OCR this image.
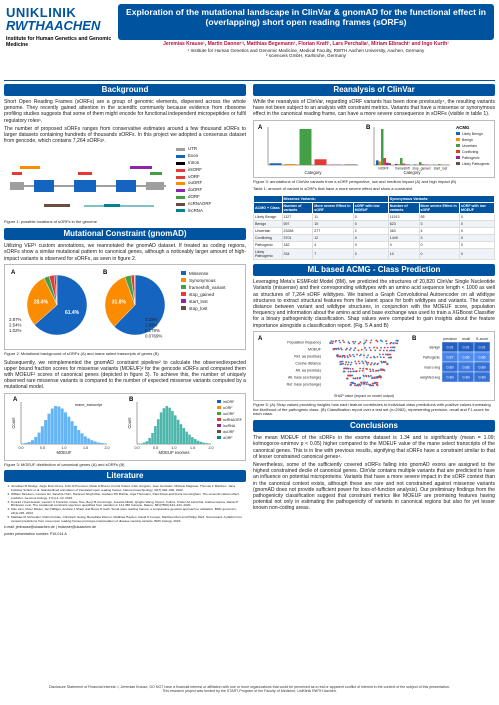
UNIKLINIK
RWTHAACHEN
Institute for Human Genetics and Genomic Medicine
Exploration of the mutational landscape in ClinVar & gnomAD for the functional effect in (overlapping) short open reading frames (sORFs)
Jeremias Krause¹, Martin Danner¹ʲ, Matthias Begemann¹, Florian Kraft¹, Lars Perchalla², Miriam Elbracht¹ and Ingo Kurth¹
¹ Institute for Human Genetics and Genomic Medicine, Medical Faculty, RWTH Aachen University, Aachen, Germany
² scienceis GmbH, Karlsruhe, Germany
Background
Short Open Reading Frames (sORFs) are a group of genomic elements, dispersed across the whole genome. They recently gained attention in the scientific community because evidence from ribosome profiling studies suggests that some of them might encode for functional independent micropeptides or fulfil regulatory roles¹.
The number of proposed sORFs ranges from conservative estimates around a few thousand sORFs to larger datasets containing hundreds of thousands sORFs. In this project we adopted a consensus dataset from gencode, which contains 7,264 sORFs¹.
UTR
Exon
Intron
intORF
uORF
ouORF
doORF
dORF
ncRNAORF
lncRNA
Figure 1: possible locations of sORFs in the genome
Mutational Constraint (gnomAD)
Utilizing VEP³ custom annotations, we reannotated the gnomAD dataset. If treated as coding regions, sORFs show a similar mutational pattern to canonical genes, although a noticeably larger amount of high-impact variants is observed for sORFs, as seen in figure 2.
A	B
61.4%
28.4%
2.87%
2.54%
1.02%
31.8%
3.32%
1.89%
0.179%
0.0769%
Missense
Synonymous
frameshift_variant
stop_gained
start_lost
stop_lost
Figure 2: Mutational background of sORFs (A) and mane select transcripts of genes (B)
Subsequently, we reimplemented the gnomAD constraint pipeline² to calculate the observed/expected upper bound fraction scores for missense variants (MOEUF)² for the gencode sORFs and compared them with MOEUF² scores of canonical genes (depicted in figure 3). To achieve this, the number of uniquely observed rare missense variants is compared to the number of expected missense variants computed by a mutational model.
0.0	0.5	1.0	1.5	2.0
MOEUF
Count
A
mane_transcript
0.0	0.5	1.0	1.5	2.0
MOEUF exomes
Count
B	intORF
uORF
ouORF
ncRNAORF
lncRNA
doORF
dORF
Figure 3: MOEUF distribution of canonical genes (A) and sORFs (B)
Literature
1. Jonathan M Mudge, Jorge Ruiz-Orera, John R Prensner, Marie A Brunet, Ferriol Calvet, Irwin Jungreis, Jose Gonzalez, Michele Magrane, Thomas F Martinez, Jana Felicitas Schulz et al. Standardized annotation of translated open reading frames. Nature biotechnology, 40(7):994–999, 2022.
2. William McLaren, Laurent Gil, Sarah E Hunt, Harpreet Singh Riat, Graham RS Ritchie, Anja Thormann, Paul Flicek and Fiona Cunningham. The ensembl variant effect predictor. Genome biology, 17(1):1–14, 2016.
3. Konrad J Karczewski, Laurent C Francioli, Grace Tiao, Beryl B Cummings, Jessica Alföldi, Qingbo Wang, Ryan L Collins, Kristen M Laricchia, Andrea Ganna, Daniel P Birnbaum et al. The mutational constraint spectrum quantified from variation in 141,456 humans. Nature, 581(7809):434–443, 2020.
4. Max Lam, Peter Rieder, Jan Häfliger, Andrew J Sharp and Bruce D Gelb. Small open reading frames: a comparative genetics approach to validation. BMC genomics, 24(1):226, 2023.
5. Matthias M Schneider, Robin Kohlas, Christoph Geisig, Benedikta Werner, Matthias Haydon, David N Cooper, Matthew Mort and Philipp Hartl. Scoreboard: A platform for curated predictions from novel open reading frames prototype-interpretation of disease causing variants. BMC biology, 2023.
e-mail: jerkrause@ukaachen.de | mdanner@ukaachen.de
poster presentation number: P16.014.A
Reanalysis of ClinVar
While the reanalysis of ClinVar, regarding sORF variants has been done previously⁴, the resulting variants have not been subject to an analysis with constraint metrics. Variants that have a missense or synonymous effect in the canonical reading frame, can have a more severe consequence in sORFs (visible in table 1).
A
Category
B
intORF frameshift stop_gained start_lost
Category
ACMG
Likely Benign
Benign
Uncertain
Conflicting
Pathogenic
Likely Pathogenic
Figure 3: annotations of ClinVar variants from a sORF perspective, low and medium impact (A) and high impact (B)
Table 1: amount of variant in sORFs that have a more severe effect and show a constraint
	Missense Variants:			Synonymous Variants:		
ACMG + Class	Number of variants	More severe Effect in sORF	sORF with low MOEUF	Number of variants	More severe Effect in sORF	sORF with low MOEUF
Likely Benign	1127	11	0	11913	55	0
Benign	597	10	0	623	3	0
Uncertain	23284	277	2	363	4	0
Conflicting	3701	12	0	1449	3	0
Pathogenic	182	4	0	0	0	0
Likely Pathogenic	334	7	0	10	0	0
ML based ACMG - Class Prediction
Leveraging Meta's ESMFold Model (8M), we predicted the structures of 20,820 ClinVar Single Nucleotide Variants (missense) and their corresponding wildtypes with an amino acid sequence length < 1000 as well as structures of 7,264 sORF wildtypes. We trained a Graph Convolutional Autoencoder on all wildtype structures to extract structural features from the latent space for both wildtypes and variants. The cosine distance between variant and wildtype structures, in conjunction with the MOEUF score, population frequency and information about the amino acid and base exchange was used to train a XGBoost Classifier for a binary pathogenicity classification. Shap values were computed to gain insights about the feature importance alongside a classification report. (Fig. 5 A and B)
A
Population frequency
MOEUF
Ref. aa (residue)
Cosine distance
Alt. aa (residue)
Alt. base (exchange)
Ref. base (exchange)
SHAP value (impact on model output)
B	precision recall f1-score
Benign 0.91	0.91	0.91
Pathogenic 0.87	0.86	0.86
macro avg 0.89	0.88	0.89
weighted avg 0.89	0.89	0.89
Figure 5: (A) Shap values providing insights how each feature contributes to individual class predictions with positive values increasing the likelihood of the pathogenic class. (B) Classification report over a test set (n=2082), representing precision, recall and F1-score for each class.
Conclusions
The mean MOEUF of the sORFs in the exome dataset is 1.34 and is significantly (mean = 1.09; kolmogorov-smirnov p < 0.05) higher compared to the MOEUF value of the mane select transcripts of the canonical genes. This is in line with previous results, signifying that sORFs have a constraint similar to that of lesser constrained canonical genes⁴.
Nevertheless, some of the sufficiently covered sORFs falling into gnomAD exons are assigned to the highest constrained decile of canonical genes. ClinVar contains multiple variants that are predicted to have an influence on potential microproteins. Variants that have a more severe impact in the sORF context than in the canonical context exists, although these are rare and not constrained against missense variants (gnomAD does not provide sufficient power for loss-of-function analysis). Our preliminary findings from the pathogenicity classification suggest that constraint metrics like MOEUF are promising features having potential not only in estimating the pathogenicity of variants in canonical regions but also for yet lesser known non-coding areas.
Disclosure Statement of Financial Interest: I, Jeremias Krause, DO NOT have a financial interest or affiliation with one or more organizations that could be perceived as a real or apparent conflict of interest in the context of the subject of this presentation.
This research project was funded by the START-Program of the Faculty of Medicine, UniKlinik RWTH Aachen.
